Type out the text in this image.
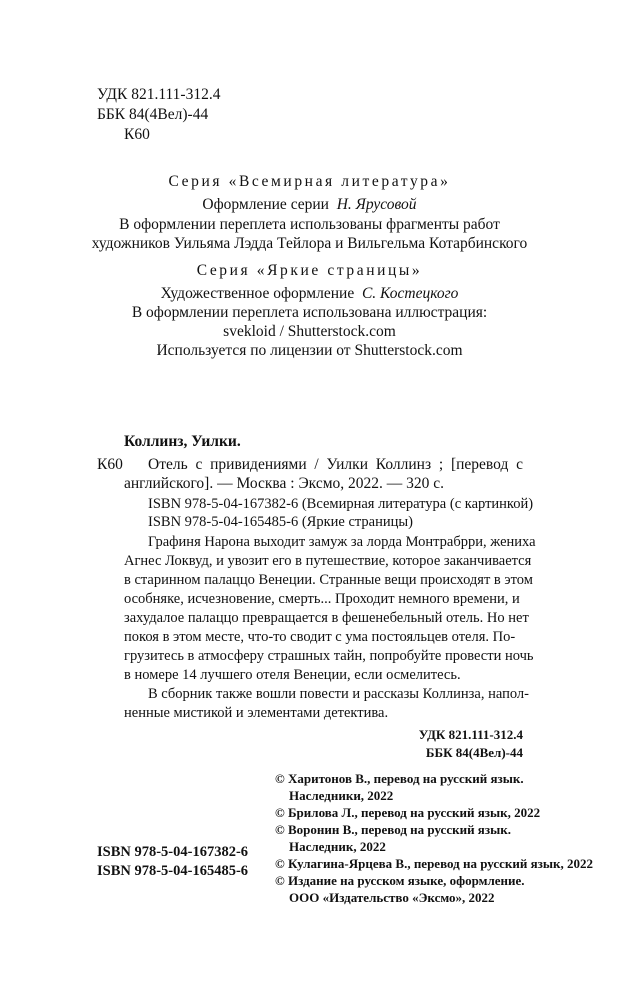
УДК 821.111-312.4
ББК 84(4Вел)-44
К60
Серия «Всемирная литература»
Оформление серии Н. Ярусовой
В оформлении переплета использованы фрагменты работ
художников Уильяма Лэдда Тейлора и Вильгельма Котарбинского
Серия «Яркие страницы»
Художественное оформление С. Костецкого
В оформлении переплета использована иллюстрация:
svekloid / Shutterstock.com
Используется по лицензии от Shutterstock.com
Коллинз, Уилки.
К60 Отель с привидениями / Уилки Коллинз ; [перевод с
английского]. — Москва : Эксмо, 2022. — 320 с.
ISBN 978-5-04-167382-6 (Всемирная литература (с картинкой)
ISBN 978-5-04-165485-6 (Яркие страницы)
Графиня Нарона выходит замуж за лорда Монтрабрри, жениха
Агнес Локвуд, и увозит его в путешествие, которое заканчивается
в старинном палаццо Венеции. Странные вещи происходят в этом
особняке, исчезновение, смерть... Проходит немного времени, и
захудалое палаццо превращается в фешенебельный отель. Но нет
покоя в этом месте, что-то сводит с ума постояльцев отеля. По-
грузитесь в атмосферу страшных тайн, попробуйте провести ночь
в номере 14 лучшего отеля Венеции, если осмелитесь.
В сборник также вошли повести и рассказы Коллинза, напол-
ненные мистикой и элементами детектива.
УДК 821.111-312.4
ББК 84(4Вел)-44
© Харитонов В., перевод на русский язык.
Наследники, 2022
© Брилова Л., перевод на русский язык, 2022
© Воронин В., перевод на русский язык.
Наследник, 2022
© Кулагина-Ярцева В., перевод на русский язык, 2022
© Издание на русском языке, оформление.
ООО «Издательство «Эксмо», 2022
ISBN 978-5-04-167382-6
ISBN 978-5-04-165485-6
